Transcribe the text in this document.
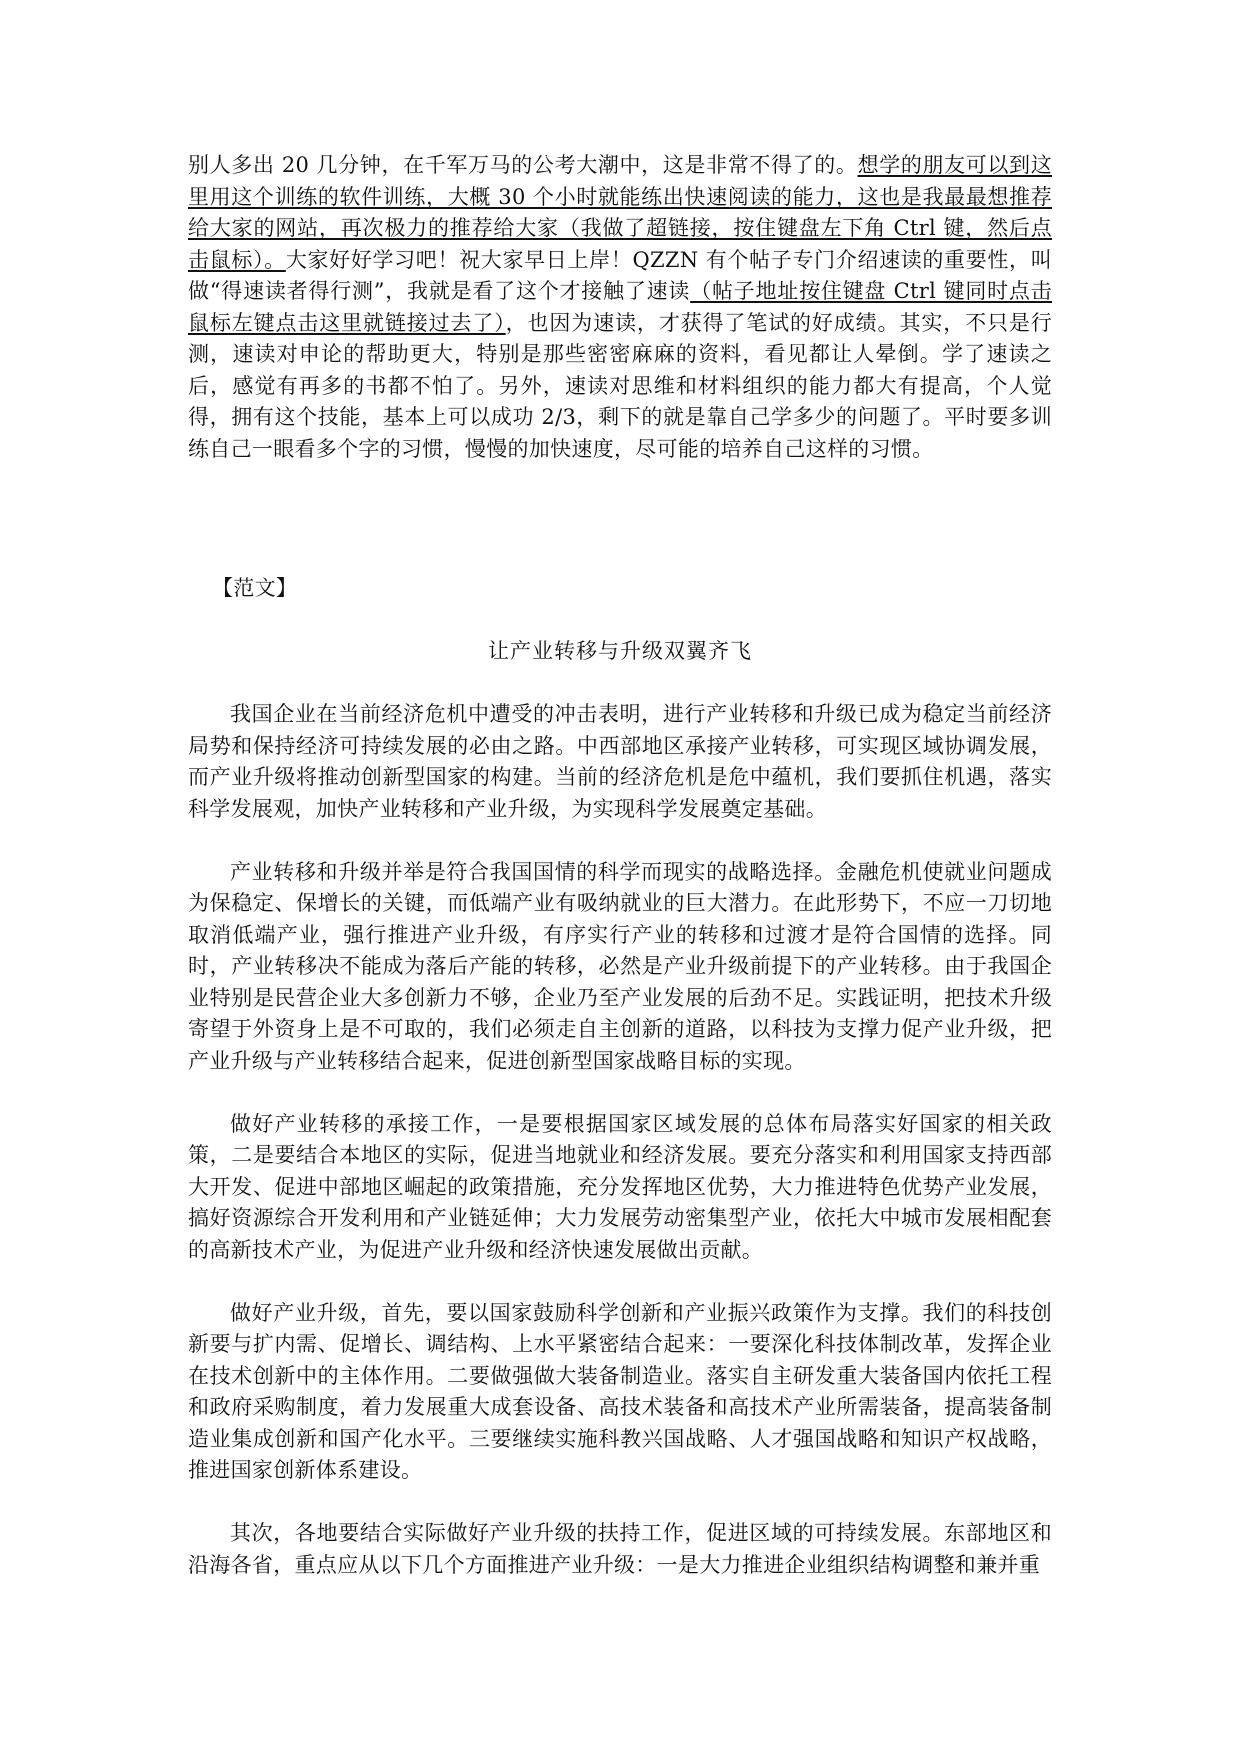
别人多出 20 几分钟，在千军万马的公考大潮中，这是非常不得了的。想学的朋友可以到这里用这个训练的软件训练，大概 30 个小时就能练出快速阅读的能力，这也是我最最想推荐给大家的网站，再次极力的推荐给大家（我做了超链接，按住键盘左下角 Ctrl 键，然后点击鼠标）。大家好好学习吧！祝大家早日上岸！QZZN 有个帖子专门介绍速读的重要性，叫做“得速读者得行测”，我就是看了这个才接触了速读（帖子地址按住键盘 Ctrl 键同时点击鼠标左键点击这里就链接过去了），也因为速读，才获得了笔试的好成绩。其实，不只是行测，速读对申论的帮助更大，特别是那些密密麻麻的资料，看见都让人晕倒。学了速读之后，感觉有再多的书都不怕了。另外，速读对思维和材料组织的能力都大有提高，个人觉得，拥有这个技能，基本上可以成功 2/3，剩下的就是靠自己学多少的问题了。平时要多训练自己一眼看多个字的习惯，慢慢的加快速度，尽可能的培养自己这样的习惯。

【范文】

让产业转移与升级双翼齐飞

我国企业在当前经济危机中遭受的冲击表明，进行产业转移和升级已成为稳定当前经济局势和保持经济可持续发展的必由之路。中西部地区承接产业转移，可实现区域协调发展，而产业升级将推动创新型国家的构建。当前的经济危机是危中蕴机，我们要抓住机遇，落实科学发展观，加快产业转移和产业升级，为实现科学发展奠定基础。

产业转移和升级并举是符合我国国情的科学而现实的战略选择。金融危机使就业问题成为保稳定、保增长的关键，而低端产业有吸纳就业的巨大潜力。在此形势下，不应一刀切地取消低端产业，强行推进产业升级，有序实行产业的转移和过渡才是符合国情的选择。同时，产业转移决不能成为落后产能的转移，必然是产业升级前提下的产业转移。由于我国企业特别是民营企业大多创新力不够，企业乃至产业发展的后劲不足。实践证明，把技术升级寄望于外资身上是不可取的，我们必须走自主创新的道路，以科技为支撑力促产业升级，把产业升级与产业转移结合起来，促进创新型国家战略目标的实现。

做好产业转移的承接工作，一是要根据国家区域发展的总体布局落实好国家的相关政策，二是要结合本地区的实际，促进当地就业和经济发展。要充分落实和利用国家支持西部大开发、促进中部地区崛起的政策措施，充分发挥地区优势，大力推进特色优势产业发展，搞好资源综合开发利用和产业链延伸；大力发展劳动密集型产业，依托大中城市发展相配套的高新技术产业，为促进产业升级和经济快速发展做出贡献。

做好产业升级，首先，要以国家鼓励科学创新和产业振兴政策作为支撑。我们的科技创新要与扩内需、促增长、调结构、上水平紧密结合起来：一要深化科技体制改革，发挥企业在技术创新中的主体作用。二要做强做大装备制造业。落实自主研发重大装备国内依托工程和政府采购制度，着力发展重大成套设备、高技术装备和高技术产业所需装备，提高装备制造业集成创新和国产化水平。三要继续实施科教兴国战略、人才强国战略和知识产权战略，推进国家创新体系建设。

其次，各地要结合实际做好产业升级的扶持工作，促进区域的可持续发展。东部地区和沿海各省，重点应从以下几个方面推进产业升级：一是大力推进企业组织结构调整和兼并重
